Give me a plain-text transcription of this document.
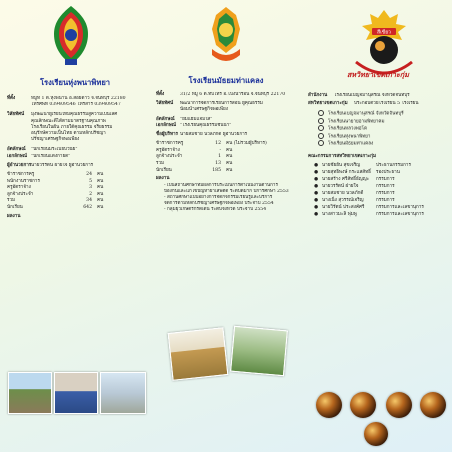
โรงเรียนหุ่งพนาพิทยา
ที่ตั้ง	หมู่ที่ 1 ต.หุ่งพนาน อ.สอยดาว จ.จันทบุรี 22180
โทรศัพท์ 039409546 โทรสาร 039409547
วิสัยทัศน์	มุ่งพัฒนาผู้เรียนให้มีคุณธรรมสู่ความเป็นเลิศ
คุณลักษณะดีได้ตามมาตรฐานคุณภาพ
โรงเรียนในฝัน ภายใต้คุณธรรม จริยธรรม
อนุรักษ์ความเป็นไทย ตามหลักปรัชญา
ปรัชญาเศรษฐกิจพอเพียง
อัตลักษณ์	"นักเรียนมีระเบียบวินัย"
เอกลักษณ์ "นักเรียนแต่งกายดี"
ผู้อำนวยการ นายวรรัตน์ ฝ่ายใจ ผู้อำนวยการ
ข้าราชการครู	24	คน
พนักงานราชการ	5	คน
ครูอัตราจ้าง	3	คน
ลูกจ้างประจำ	2	คน
รวม	34	คน
นักเรียน	642	คน
ผลงาน
โรงเรียนมัธยมท่าแคลง
ที่ตั้ง	31/2 หมู่ 6 ต.ทับไทร อ.โป่งน้ำร้อน จ.จันทบุรี 22170
วิสัยทัศน์	พัฒนาการจัดการเรียนการสอน ผู้คุณธรรม
น้อมนำเศรษฐกิจพอเพียง
อัตลักษณ์	"ยิ้มแย้มแจ่มใส"
เอกลักษณ์ "โรงเรียนคุณธรรมชั้นนำ"
ชื่อผู้บริหาร นายสมชาย นวลภักดี ผู้อำนวยการ
ข้าราชการครู	12	คน (ไม่รวมผู้บริหาร)
ครูอัตราจ้าง	-	คน
ลูกจ้างประจำ	1	คน
รวม	13	คน
นักเรียน	185	คน
ผลงาน
- เป็นสถานศึกษาที่มีผลการประเมินการดำเนินงานด้านการ
ป้องกันและแก้ไขปัญหายาเสพติด ระดับดีมาก ปีการศึกษา 2553
- สถานศึกษาแบบอย่างการจัดกิจกรรมเรียนรู้และบริการ
จัดการตามหลักปรัชญาเศรษฐกิจพอเพียง ประจำปี 2554
- กลุ่มยุวเกษตรกรดีเด่น ระดับจังหวัด ประจำปี 2554
สีเขียว
สหวิทยาเขตเกาะกุ่ม
สำนักงาน	โรงเรียนเบญจมานุสรณ์ จังหวัดจันทบุรี
สหวิทยาเขตเกาะกุ่ม	ประกอบด้วยโรงเรียน 5 โรงเรียน
โรงเรียนเบญจมานุสรณ์ จังหวัดจันทบุรี
โรงเรียนนายายอามพิทยาคม
โรงเรียนหลวงพ่อโต
โรงเรียนหุ่งพนาพิทยา
โรงเรียนมัธยมท่าแคลง
คณะกรรมการสหวิทยาเขตเกาะกุ่ม
● นายชัยยัน สุขเจริญ	ประธานกรรมการ
● นายสุทธิพงษ์ กระแสสัทธิ์	รองประธาน
● นายสร้าง ศรีสัทธิ์ธัญญะ	กรรมการ
● นายวรรัตน์ ฝ่ายใจ	กรรมการ
● นายสมชาย นวลภักดี	กรรมการ
● นางเนิ่ง สุวรรณ์เจริญ	กรรมการ
● นายวิรัตน์ ประสงค์ศรี	กรรมการและเลขานุการ
● นางสาวมะลิ พุ่มพู	กรรมการและเลขานุการ
